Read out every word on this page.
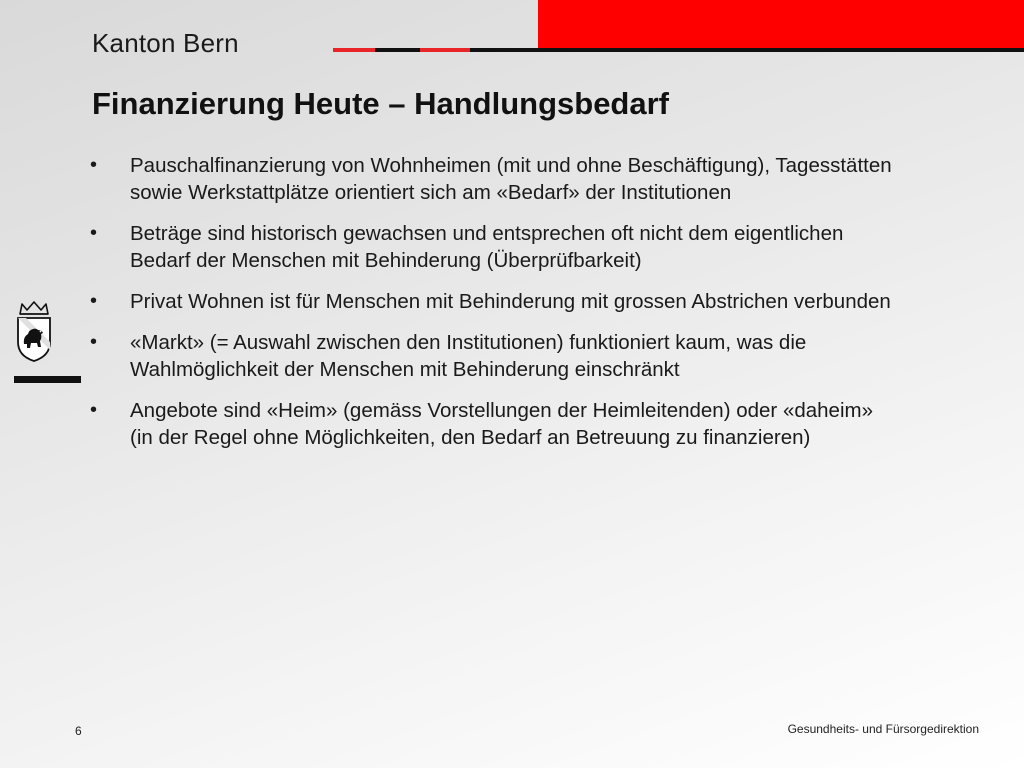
Kanton Bern
Finanzierung Heute – Handlungsbedarf
• Pauschalfinanzierung von Wohnheimen (mit und ohne Beschäftigung), Tagesstätten sowie Werkstattplätze orientiert sich am «Bedarf» der Institutionen
• Beträge sind historisch gewachsen und entsprechen oft nicht dem eigentlichen Bedarf der Menschen mit Behinderung (Überprüfbarkeit)
• Privat Wohnen ist für Menschen mit Behinderung mit grossen Abstrichen verbunden
• «Markt» (= Auswahl zwischen den Institutionen) funktioniert kaum, was die Wahlmöglichkeit der Menschen mit Behinderung einschränkt
• Angebote sind «Heim» (gemäss Vorstellungen der Heimleitenden) oder «daheim» (in der Regel ohne Möglichkeiten, den Bedarf an Betreuung zu finanzieren)
6	Gesundheits- und Fürsorgedirektion
